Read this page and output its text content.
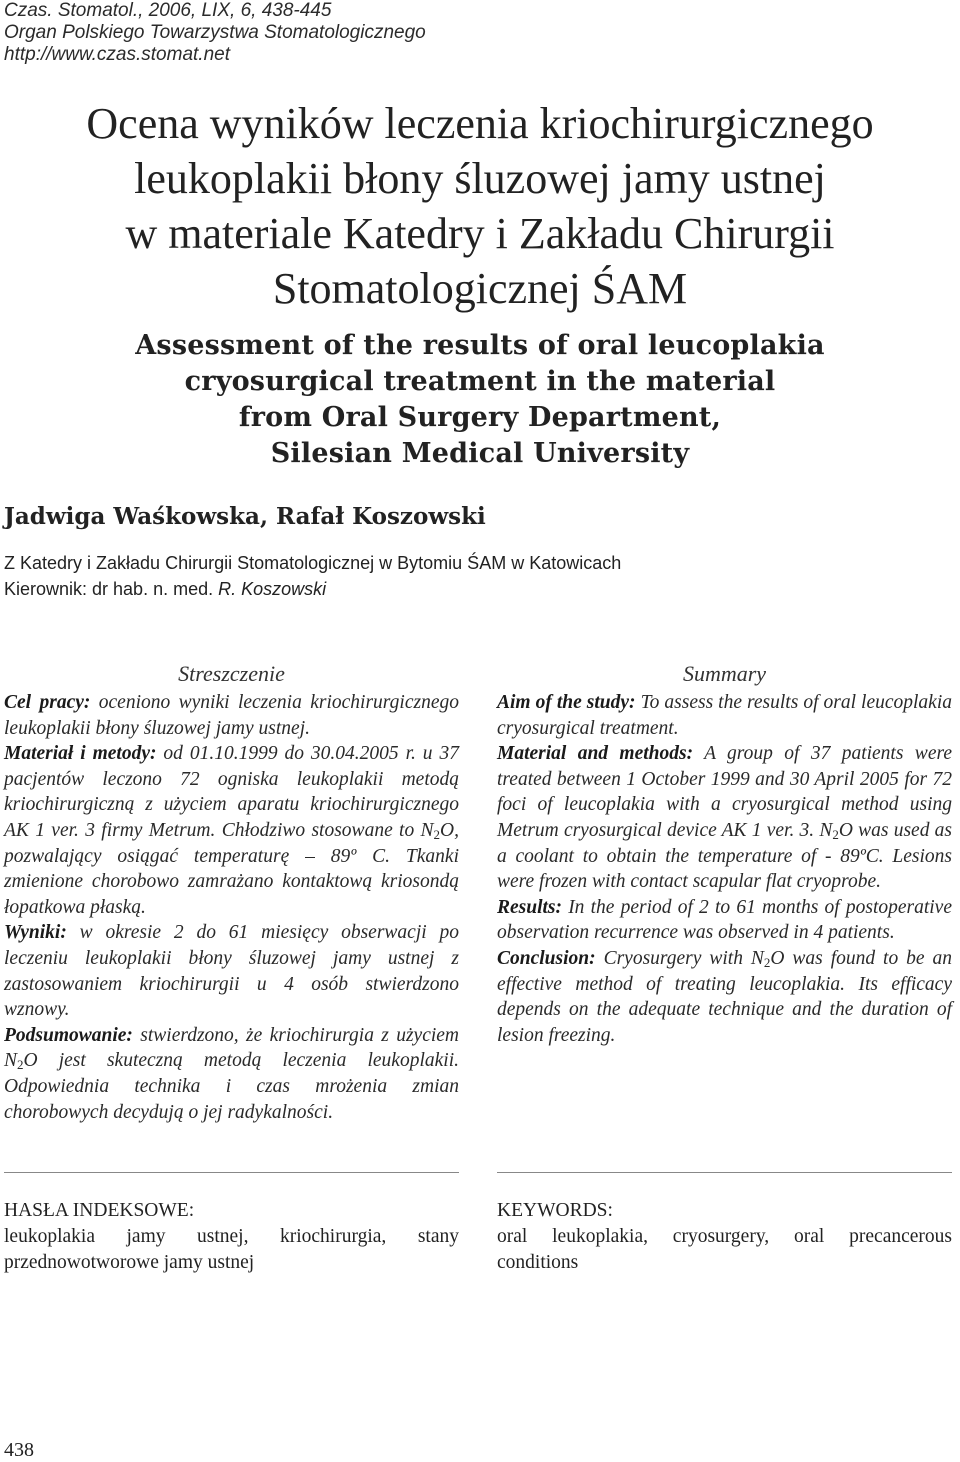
Czas. Stomatol., 2006, LIX, 6, 438-445
Organ Polskiego Towarzystwa Stomatologicznego
http://www.czas.stomat.net
Ocena wyników leczenia kriochirurgicznego
leukoplakii błony śluzowej jamy ustnej
w materiale Katedry i Zakładu Chirurgii
Stomatologicznej ŚAM
Assessment of the results of oral leucoplakia
cryosurgical treatment in the material
from Oral Surgery Department,
Silesian Medical University
Jadwiga Waśkowska, Rafał Koszowski
Z Katedry i Zakładu Chirurgii Stomatologicznej w Bytomiu ŚAM w Katowicach
Kierownik: dr hab. n. med. R. Koszowski
Streszczenie

Cel pracy: oceniono wyniki leczenia kriochirurgicznego leukoplakii błony śluzowej jamy ustnej.

Materiał i metody: od 01.10.1999 do 30.04.2005 r. u 37 pacjentów leczono 72 ogniska leukoplakii metodą kriochirurgiczną z użyciem aparatu kriochirurgicznego AK 1 ver. 3 firmy Metrum. Chłodziwo stosowane to $N_2O$, pozwalający osiągać temperaturę – 89º C. Tkanki zmienione chorobowo zamrażano kontaktową kriosondą łopatkowa płaską.

Wyniki: w okresie 2 do 61 miesięcy obserwacji po leczeniu leukoplakii błony śluzowej jamy ustnej z zastosowaniem kriochirurgii u 4 osób stwierdzono wznowy.

Podsumowanie: stwierdzono, że kriochirurgia z użyciem $N_2O$ jest skuteczną metodą leczenia leukoplakii. Odpowiednia technika i czas mrożenia zmian chorobowych decydują o jej radykalności.

Summary

Aim of the study: To assess the results of oral leucoplakia cryosurgical treatment.

Material and methods: A group of 37 patients were treated between 1 October 1999 and 30 April 2005 for 72 foci of leucoplakia with a cryosurgical method using Metrum cryosurgical device AK 1 ver. 3. $N_2O$ was used as a coolant to obtain the temperature of - 89ºC. Lesions were frozen with contact scapular flat cryoprobe.

Results: In the period of 2 to 61 months of postoperative observation recurrence was observed in 4 patients.

Conclusion: Cryosurgery with $N_2O$ was found to be an effective method of treating leucoplakia. Its efficacy depends on the adequate technique and the duration of lesion freezing.

HASŁA INDEKSOWE:
leukoplakia jamy ustnej, kriochirurgia, stany przednowotworowe jamy ustnej
KEYWORDS:
oral leukoplakia, cryosurgery, oral precancerous conditions
438
